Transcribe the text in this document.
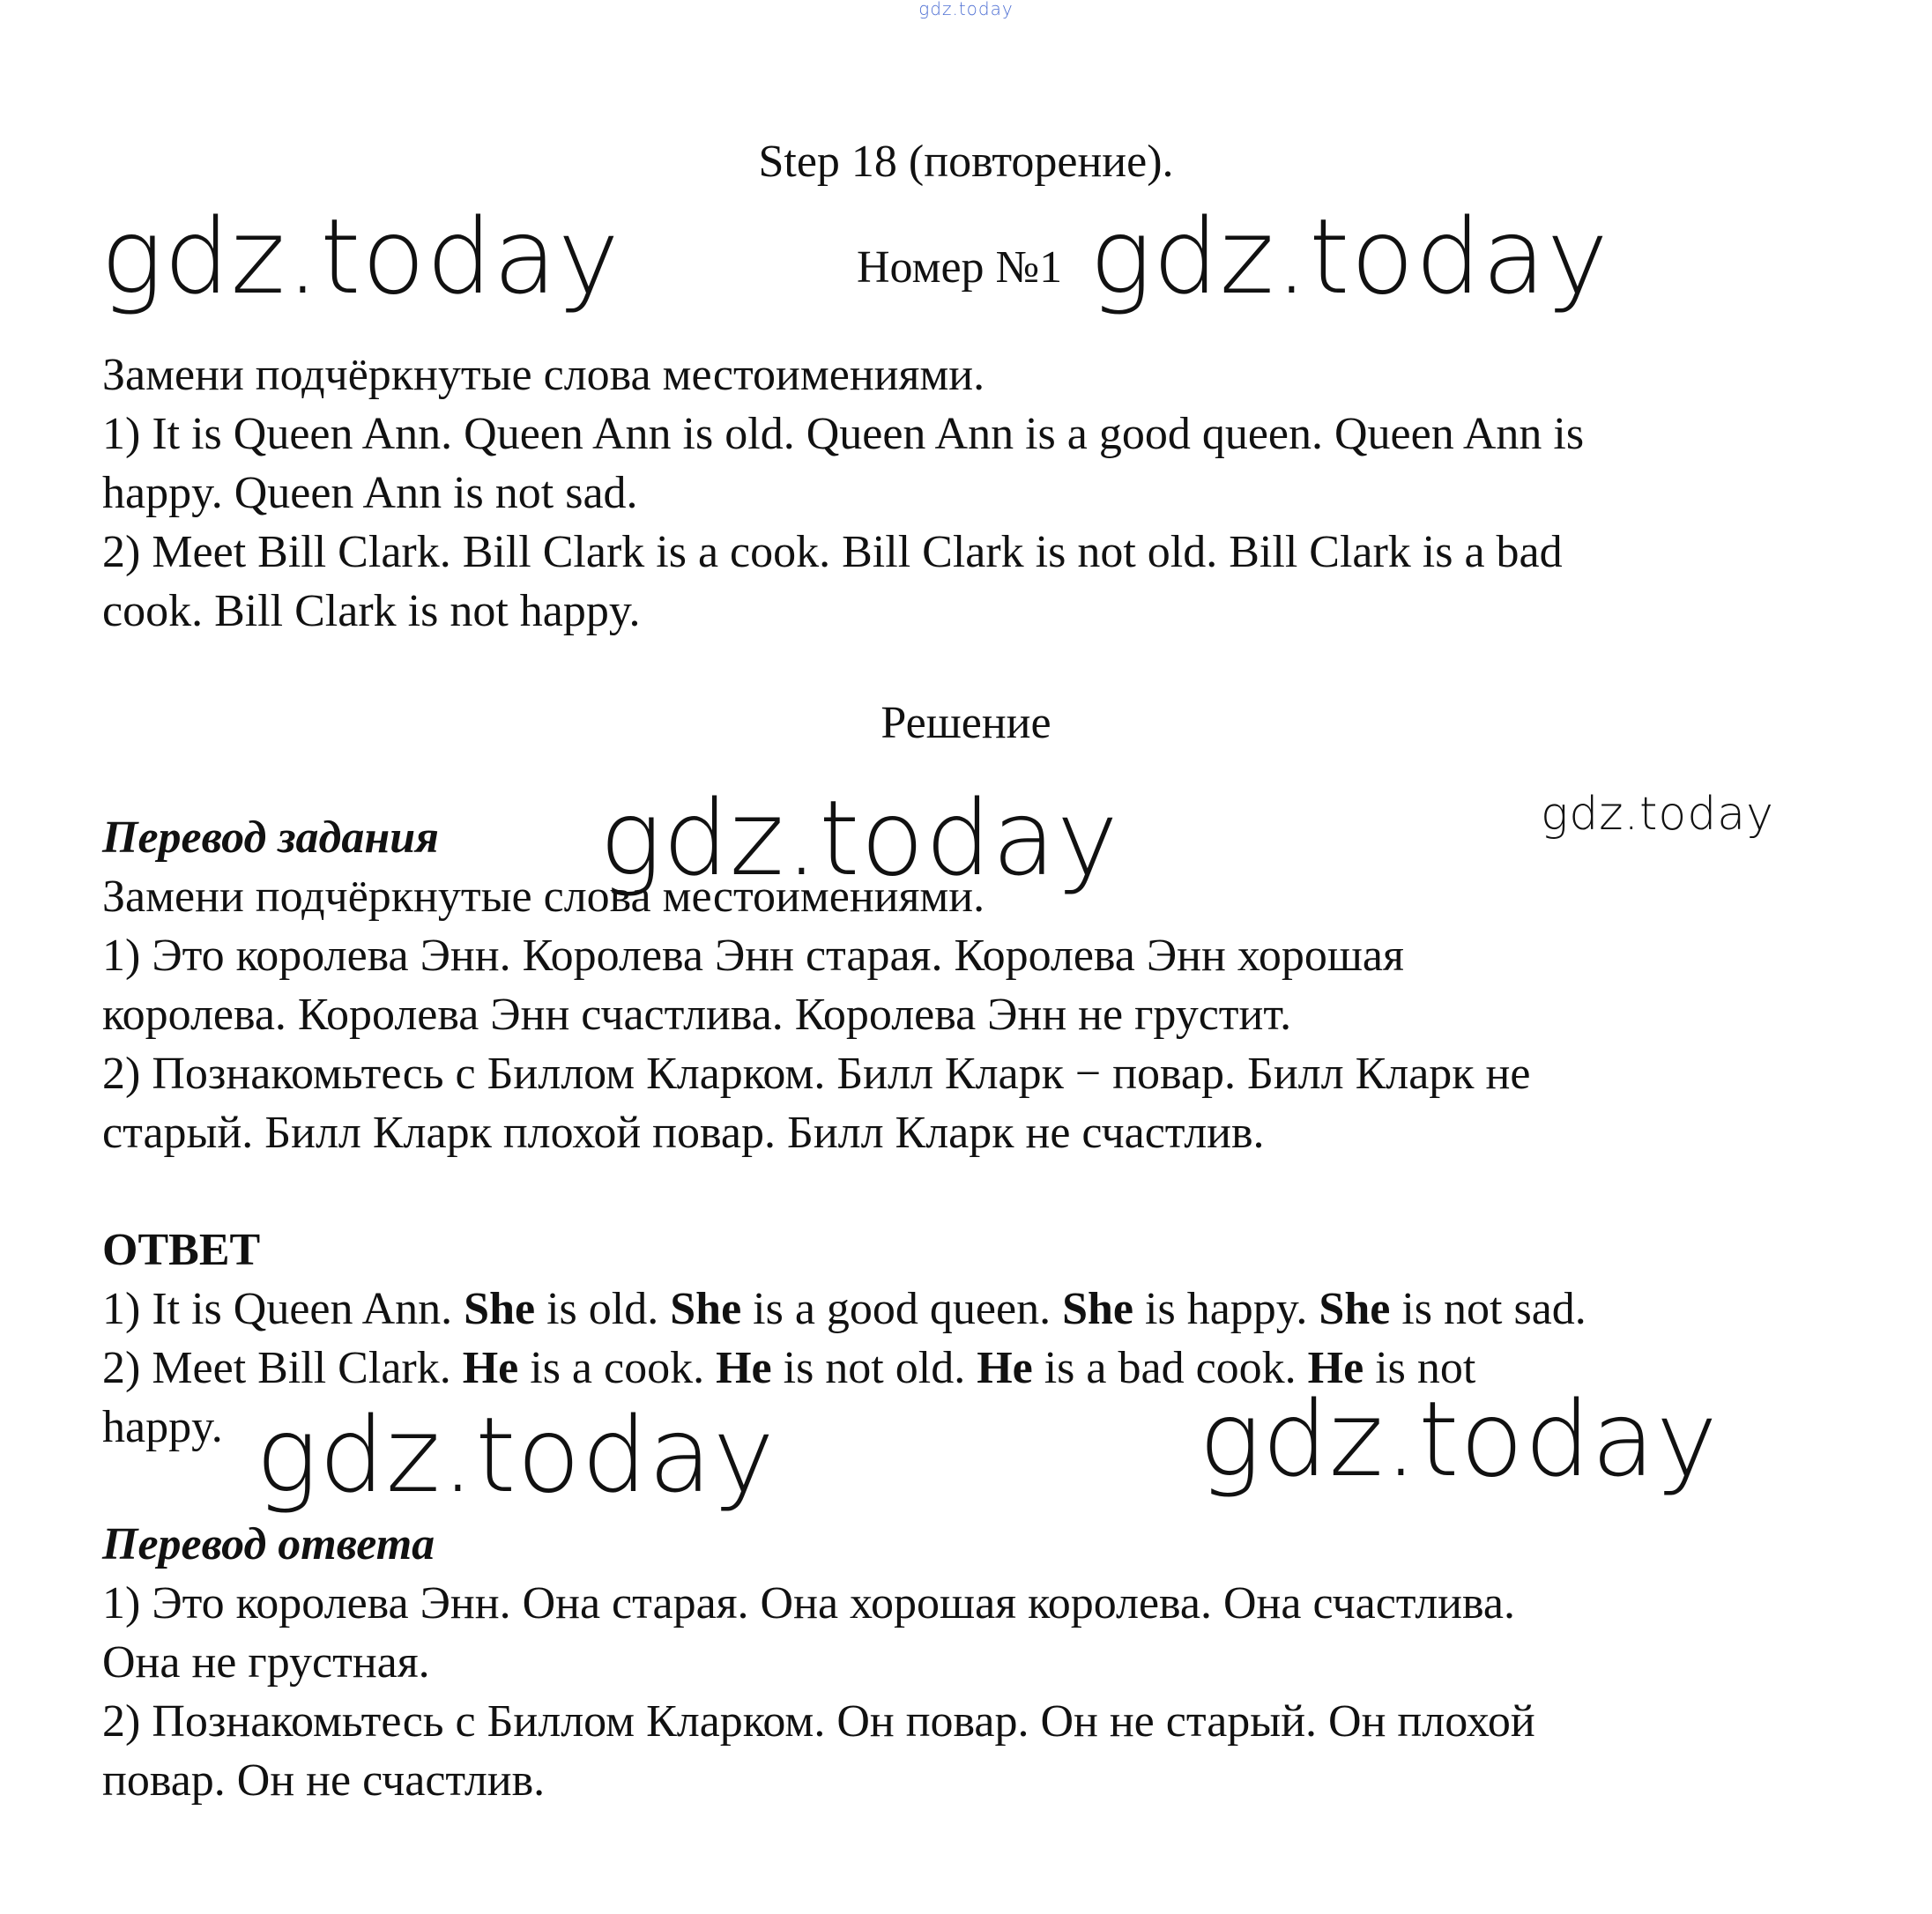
gdz.today
Step 18 (повторение).
gdz.today	Номер №1 gdz.today
Замени подчёркнутые слова местоимениями.
1) It is Queen Ann. Queen Ann is old. Queen Ann is a good queen. Queen Ann is
happy. Queen Ann is not sad.
2) Meet Bill Clark. Bill Clark is a cook. Bill Clark is not old. Bill Clark is a bad
cook. Bill Clark is not happy.
Решение
Перевод задания gdz.today	gdz.today
Замени подчёркнутые слова местоимениями.
1) Это королева Энн. Королева Энн старая. Королева Энн хорошая
королева. Королева Энн счастлива. Королева Энн не грустит.
2) Познакомьтесь с Биллом Кларком. Билл Кларк − повар. Билл Кларк не
старый. Билл Кларк плохой повар. Билл Кларк не счастлив.
ОТВЕТ
1) It is Queen Ann. She is old. She is a good queen. She is happy. She is not sad.
2) Meet Bill Clark. He is a cook. He is not old. He is a bad cook. He is not
happy. gdz.today	gdz.today
Перевод ответа
1) Это королева Энн. Она старая. Она хорошая королева. Она счастлива.
Она не грустная.
2) Познакомьтесь с Биллом Кларком. Он повар. Он не старый. Он плохой
повар. Он не счастлив.
